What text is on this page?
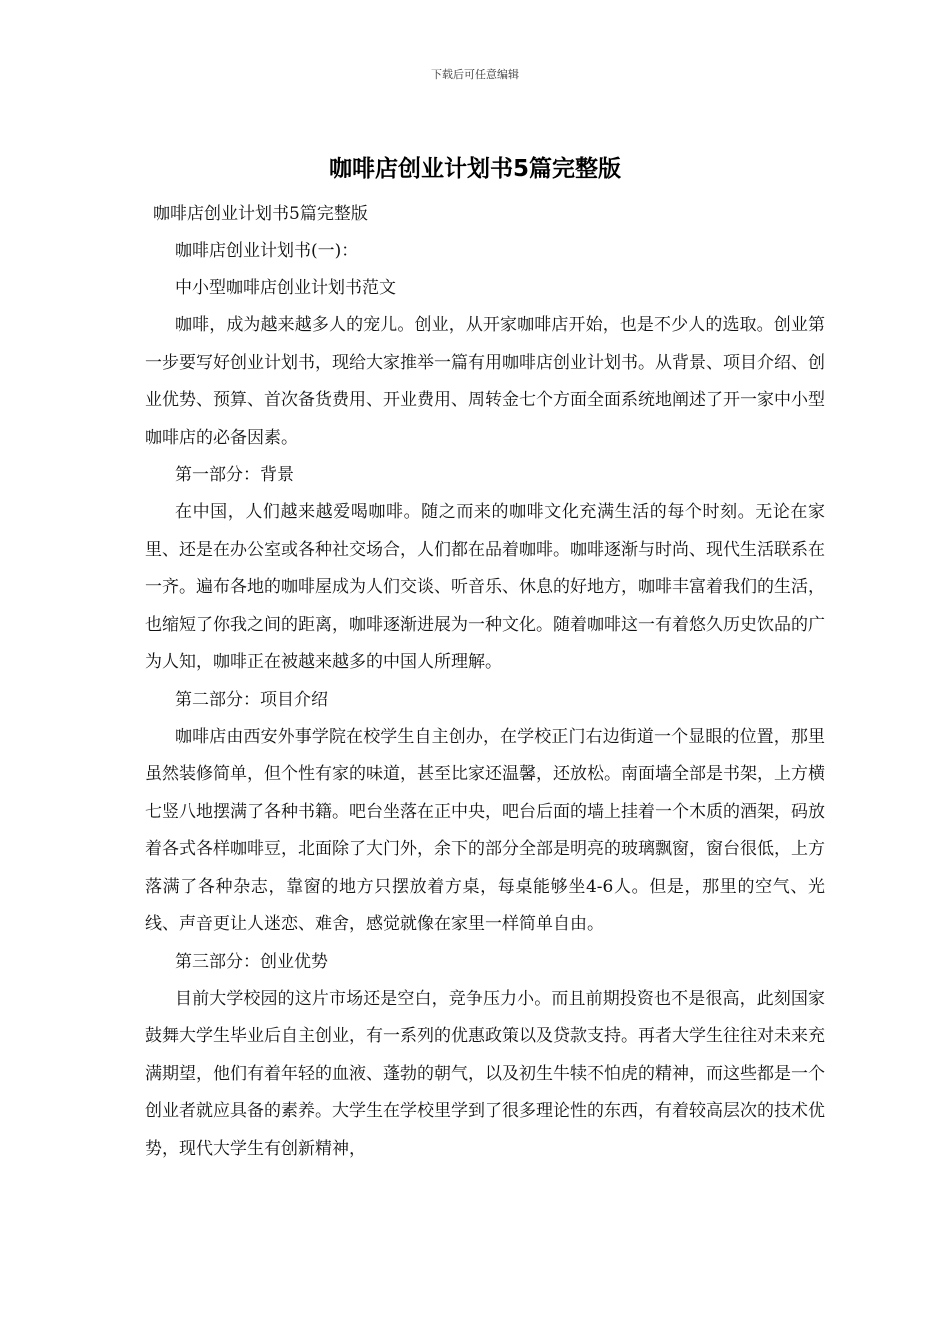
下载后可任意编辑
咖啡店创业计划书5篇完整版
咖啡店创业计划书5篇完整版
咖啡店创业计划书(一)：
中小型咖啡店创业计划书范文

咖啡，成为越来越多人的宠儿。创业，从开家咖啡店开始，也是不少人的选取。创业第一步要写好创业计划书，现给大家推举一篇有用咖啡店创业计划书。从背景、项目介绍、创业优势、预算、首次备货费用、开业费用、周转金七个方面全面系统地阐述了开一家中小型咖啡店的必备因素。

第一部分：背景

在中国，人们越来越爱喝咖啡。随之而来的咖啡文化充满生活的每个时刻。无论在家里、还是在办公室或各种社交场合，人们都在品着咖啡。咖啡逐渐与时尚、现代生活联系在一齐。遍布各地的咖啡屋成为人们交谈、听音乐、休息的好地方，咖啡丰富着我们的生活，也缩短了你我之间的距离，咖啡逐渐进展为一种文化。随着咖啡这一有着悠久历史饮品的广为人知，咖啡正在被越来越多的中国人所理解。

第二部分：项目介绍

咖啡店由西安外事学院在校学生自主创办，在学校正门右边街道一个显眼的位置，那里虽然装修简单，但个性有家的味道，甚至比家还温馨，还放松。南面墙全部是书架，上方横七竖八地摆满了各种书籍。吧台坐落在正中央，吧台后面的墙上挂着一个木质的酒架，码放着各式各样咖啡豆，北面除了大门外，余下的部分全部是明亮的玻璃飘窗，窗台很低，上方落满了各种杂志，靠窗的地方只摆放着方桌，每桌能够坐4-6人。但是，那里的空气、光线、声音更让人迷恋、难舍，感觉就像在家里一样简单自由。

第三部分：创业优势

目前大学校园的这片市场还是空白，竞争压力小。而且前期投资也不是很高，此刻国家鼓舞大学生毕业后自主创业，有一系列的优惠政策以及贷款支持。再者大学生往往对未来充满期望，他们有着年轻的血液、蓬勃的朝气，以及初生牛犊不怕虎的精神，而这些都是一个创业者就应具备的素养。大学生在学校里学到了很多理论性的东西，有着较高层次的技术优势，现代大学生有创新精神，
